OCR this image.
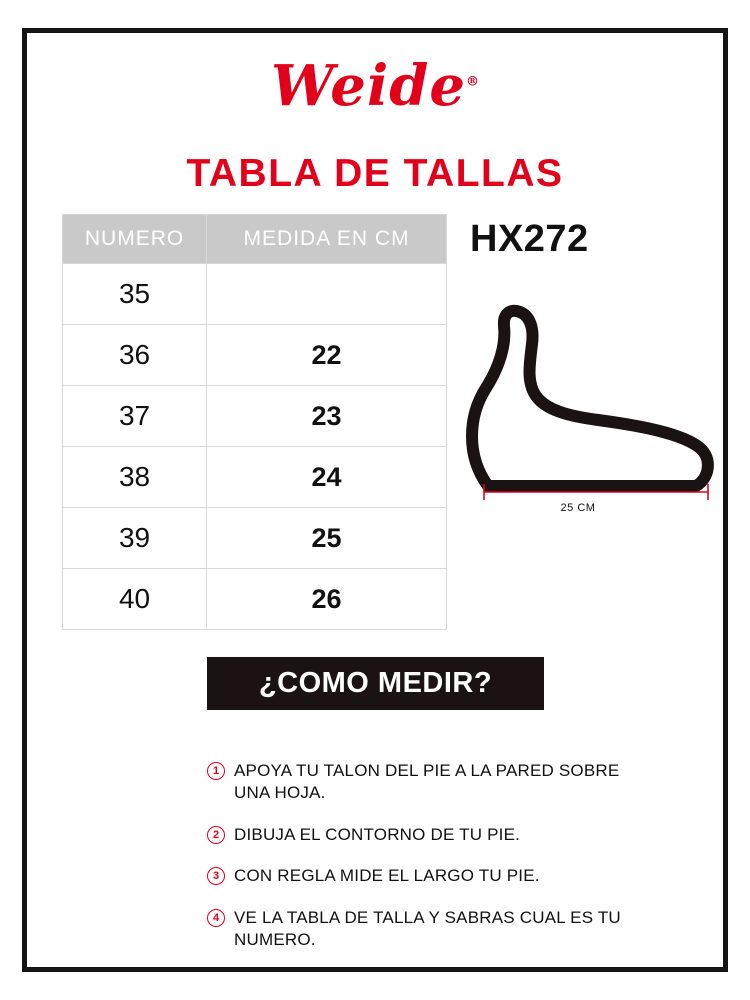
Weide®
TABLA DE TALLAS
HX272
NUMERO	MEDIDA EN CM
35	
36	22
37	23
38	24
39	25
40	26
25 CM
¿COMO MEDIR?
1 APOYA TU TALON DEL PIE A LA PARED SOBRE UNA HOJA.
2 DIBUJA EL CONTORNO DE TU PIE.
3 CON REGLA MIDE EL LARGO TU PIE.
4 VE LA TABLA DE TALLA Y SABRAS CUAL ES TU NUMERO.
